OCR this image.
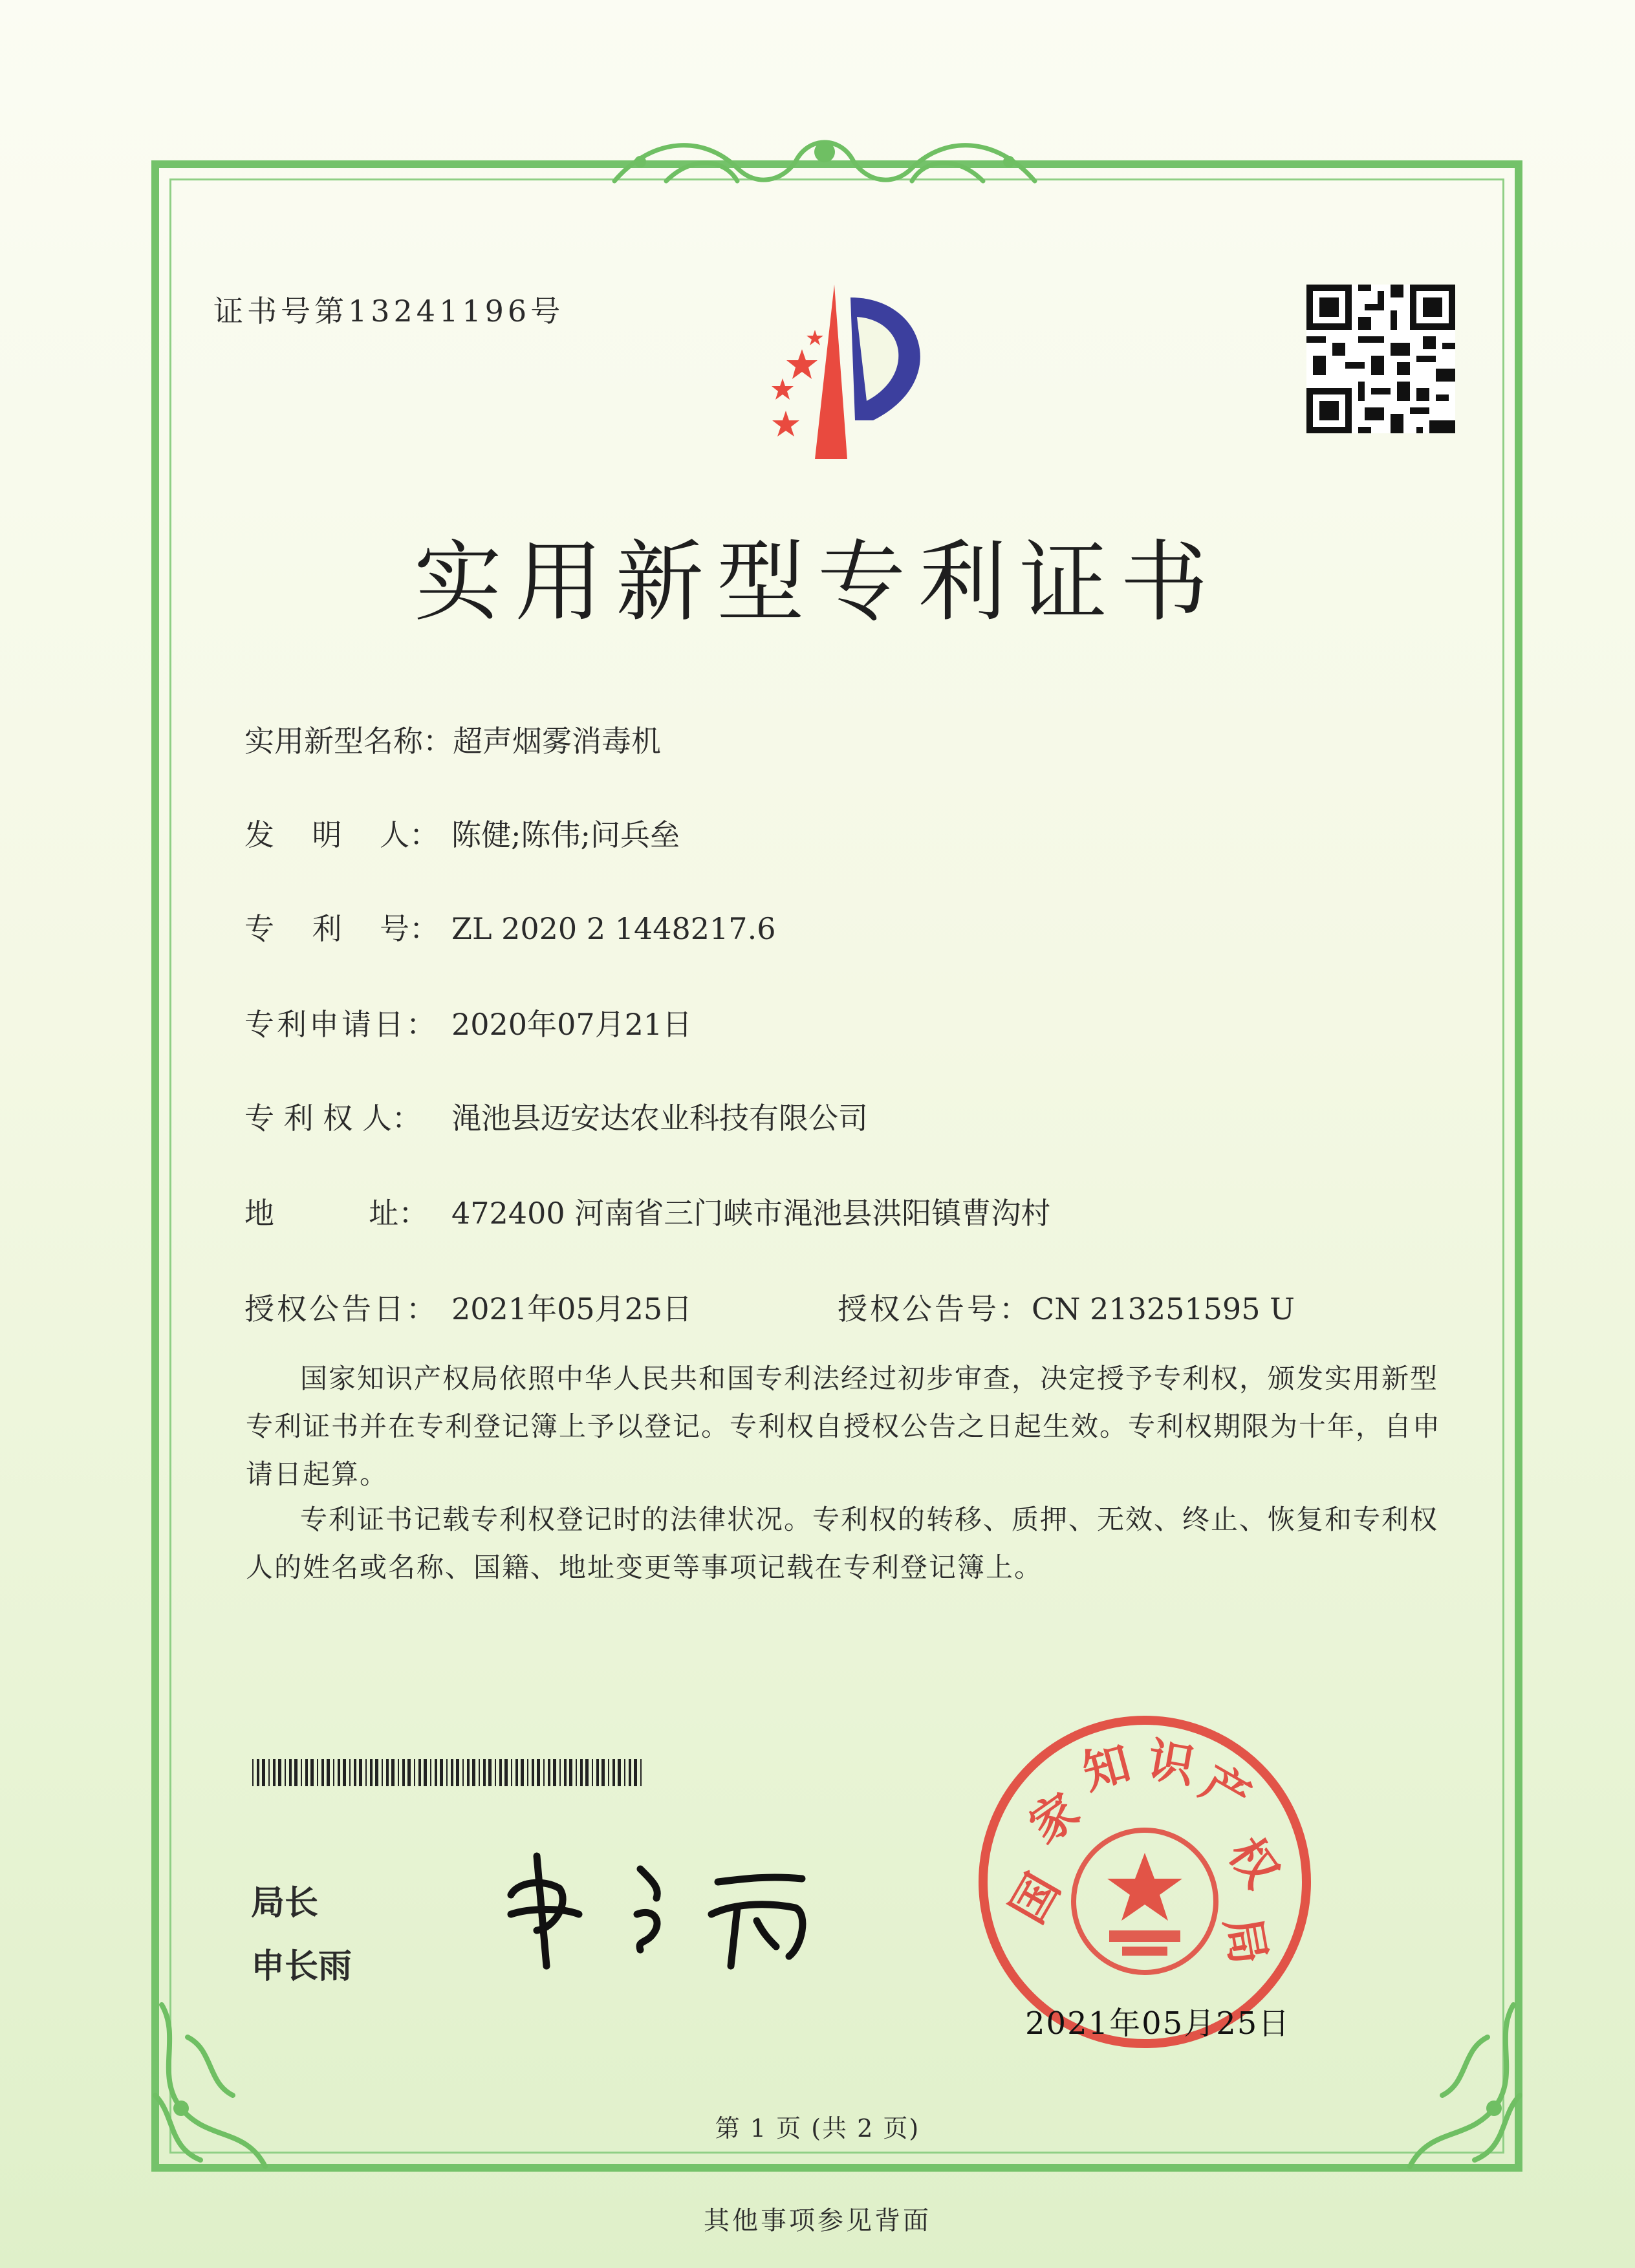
证书号第13241196号
实用新型专利证书
实用新型名称：超声烟雾消毒机
发    明    人： 陈健;陈伟;问兵垒
专    利    号： ZL 2020 2 1448217.6
专利申请日： 2020年07月21日
专 利 权 人： 渑池县迈安达农业科技有限公司
地          址： 472400 河南省三门峡市渑池县洪阳镇曹沟村
授权公告日： 2021年05月25日	授权公告号：CN 213251595 U
国家知识产权局依照中华人民共和国专利法经过初步审查，决定授予专利权，颁发实用新型专利证书并在专利登记簿上予以登记。专利权自授权公告之日起生效。专利权期限为十年，自申请日起算。
专利证书记载专利权登记时的法律状况。专利权的转移、质押、无效、终止、恢复和专利权人的姓名或名称、国籍、地址变更等事项记载在专利登记簿上。
局长
申长雨
国
家
知 识
产
权
局
2021年05月25日
第 1 页 (共 2 页)
其他事项参见背面
